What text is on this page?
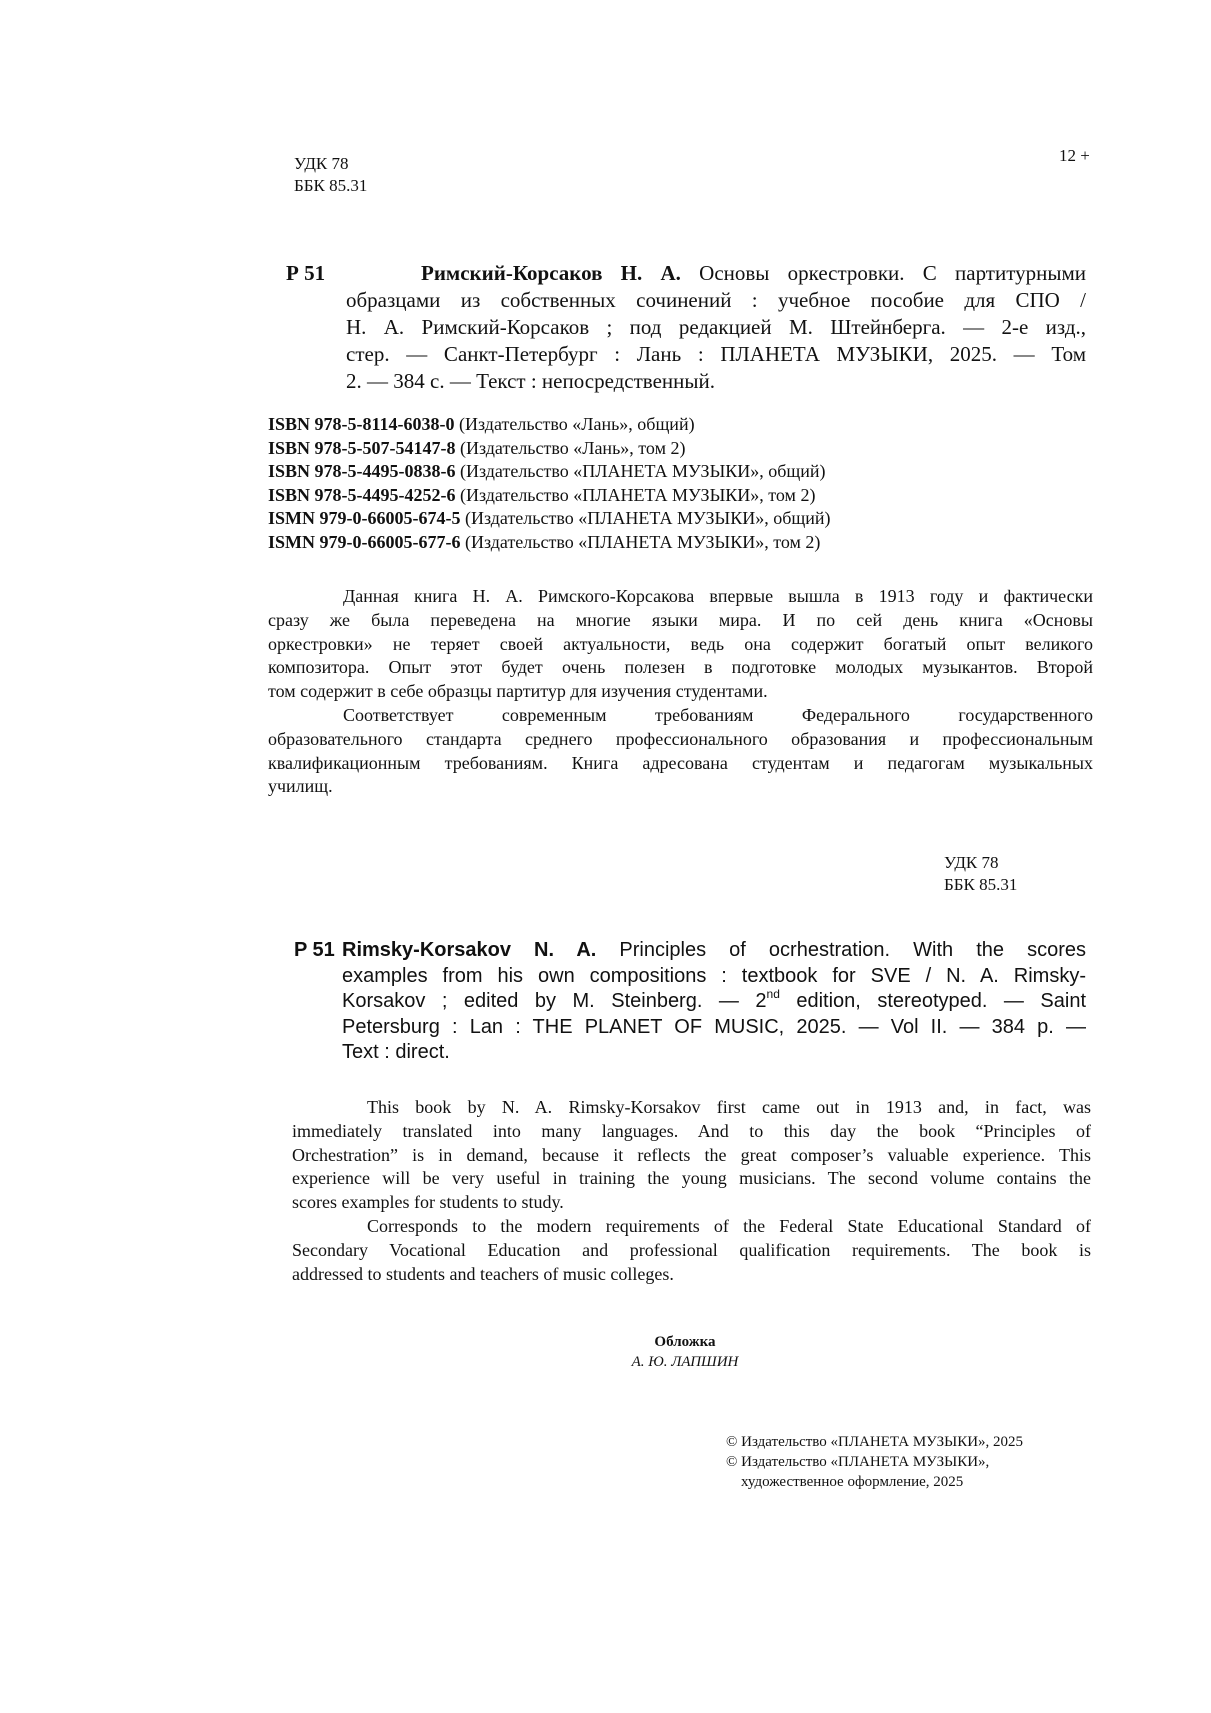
УДК 78
ББК 85.31
12 +
Р 51	Римский-Корсаков Н. А. Основы оркестровки. С партитурными
образцами из собственных сочинений : учебное пособие для СПО /
Н. А. Римский-Корсаков ; под редакцией М. Штейнберга. — 2-е изд.,
стер. — Санкт-Петербург : Лань : ПЛАНЕТА МУЗЫКИ, 2025. — Том
2. — 384 с. — Текст : непосредственный.
ISBN 978-5-8114-6038-0 (Издательство «Лань», общий)
ISBN 978-5-507-54147-8 (Издательство «Лань», том 2)
ISBN 978-5-4495-0838-6 (Издательство «ПЛАНЕТА МУЗЫКИ», общий)
ISBN 978-5-4495-4252-6 (Издательство «ПЛАНЕТА МУЗЫКИ», том 2)
ISMN 979-0-66005-674-5 (Издательство «ПЛАНЕТА МУЗЫКИ», общий)
ISMN 979-0-66005-677-6 (Издательство «ПЛАНЕТА МУЗЫКИ», том 2)
Данная книга Н. А. Римского-Корсакова впервые вышла в 1913 году и фактически
сразу же была переведена на многие языки мира. И по сей день книга «Основы
оркестровки» не теряет своей актуальности, ведь она содержит богатый опыт великого
композитора. Опыт этот будет очень полезен в подготовке молодых музыкантов. Второй
том содержит в себе образцы партитур для изучения студентами.
Соответствует современным требованиям Федерального государственного
образовательного стандарта среднего профессионального образования и профессиональным
квалификационным требованиям. Книга адресована студентам и педагогам музыкальных
училищ.
УДК 78
ББК 85.31
P 51 Rimsky-Korsakov N. A. Principles of ocrhestration. With the scores
examples from his own compositions : textbook for SVE / N. A. Rimsky-
Korsakov ; edited by M. Steinberg. — 2nd edition, stereotyped. — Saint
Petersburg : Lan : THE PLANET OF MUSIC, 2025. — Vol II. — 384 p. —
Text : direct.
This book by N. A. Rimsky-Korsakov first came out in 1913 and, in fact, was
immediately translated into many languages. And to this day the book “Principles of
Orchestration” is in demand, because it reflects the great composer’s valuable experience. This
experience will be very useful in training the young musicians. The second volume contains the
scores examples for students to study.
Corresponds to the modern requirements of the Federal State Educational Standard of
Secondary Vocational Education and professional qualification requirements. The book is
addressed to students and teachers of music colleges.
Обложка
А. Ю. ЛАПШИН
© Издательство «ПЛАНЕТА МУЗЫКИ», 2025
© Издательство «ПЛАНЕТА МУЗЫКИ»,
художественное оформление, 2025
